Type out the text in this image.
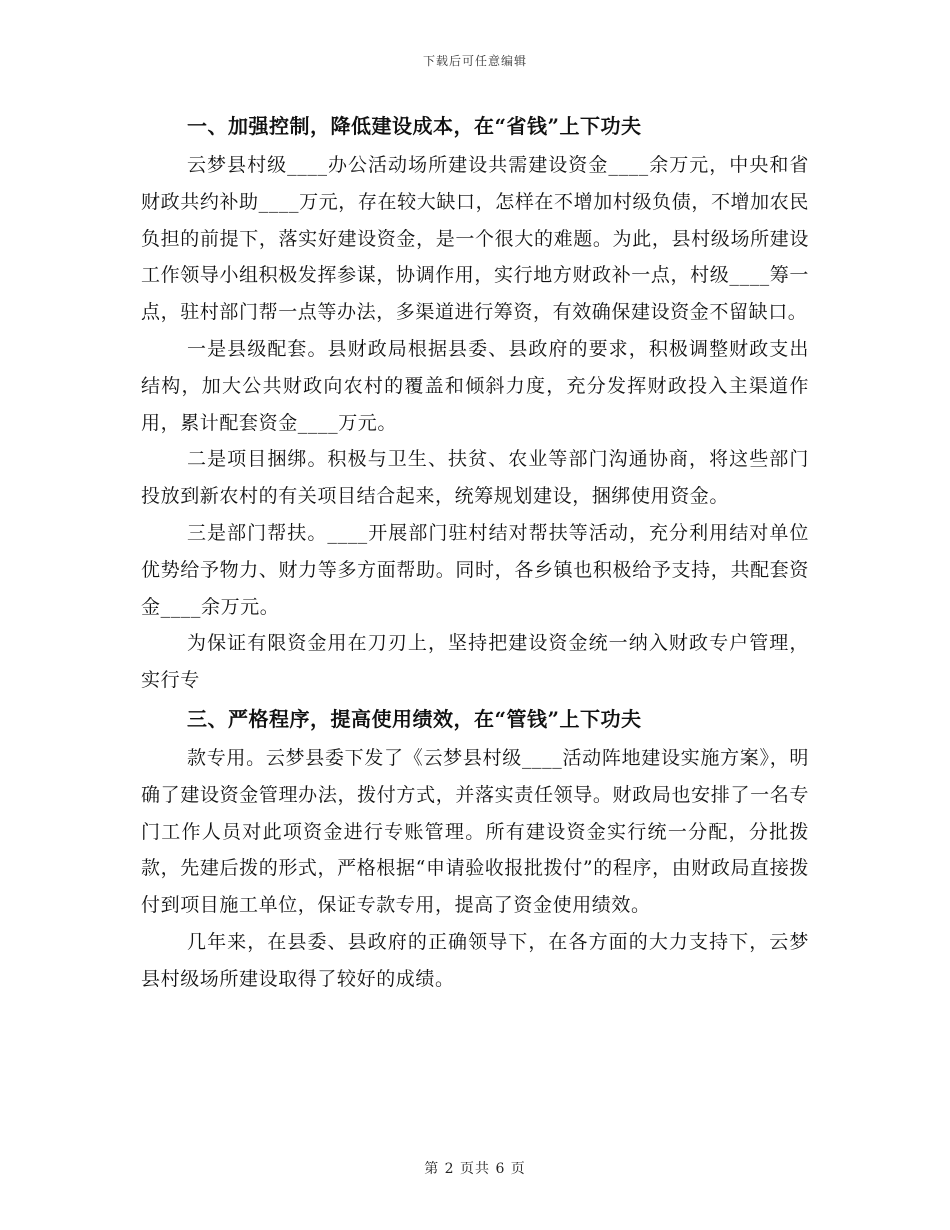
下载后可任意编辑
一、加强控制，降低建设成本，在“省钱”上下功夫

云梦县村级____办公活动场所建设共需建设资金____余万元，中央和省财政共约补助____万元，存在较大缺口，怎样在不增加村级负债，不增加农民负担的前提下，落实好建设资金，是一个很大的难题。为此，县村级场所建设工作领导小组积极发挥参谋，协调作用，实行地方财政补一点，村级____筹一点，驻村部门帮一点等办法，多渠道进行筹资，有效确保建设资金不留缺口。

一是县级配套。县财政局根据县委、县政府的要求，积极调整财政支出结构，加大公共财政向农村的覆盖和倾斜力度，充分发挥财政投入主渠道作用，累计配套资金____万元。

二是项目捆绑。积极与卫生、扶贫、农业等部门沟通协商，将这些部门投放到新农村的有关项目结合起来，统筹规划建设，捆绑使用资金。

三是部门帮扶。____开展部门驻村结对帮扶等活动，充分利用结对单位优势给予物力、财力等多方面帮助。同时，各乡镇也积极给予支持，共配套资金____余万元。

为保证有限资金用在刀刃上，坚持把建设资金统一纳入财政专户管理，实行专

三、严格程序，提高使用绩效，在“管钱”上下功夫

款专用。云梦县委下发了《云梦县村级____活动阵地建设实施方案》，明确了建设资金管理办法，拨付方式，并落实责任领导。财政局也安排了一名专门工作人员对此项资金进行专账管理。所有建设资金实行统一分配，分批拨款，先建后拨的形式，严格根据“申请验收报批拨付”的程序，由财政局直接拨付到项目施工单位，保证专款专用，提高了资金使用绩效。

几年来，在县委、县政府的正确领导下，在各方面的大力支持下，云梦县村级场所建设取得了较好的成绩。

第 2 页共 6 页
